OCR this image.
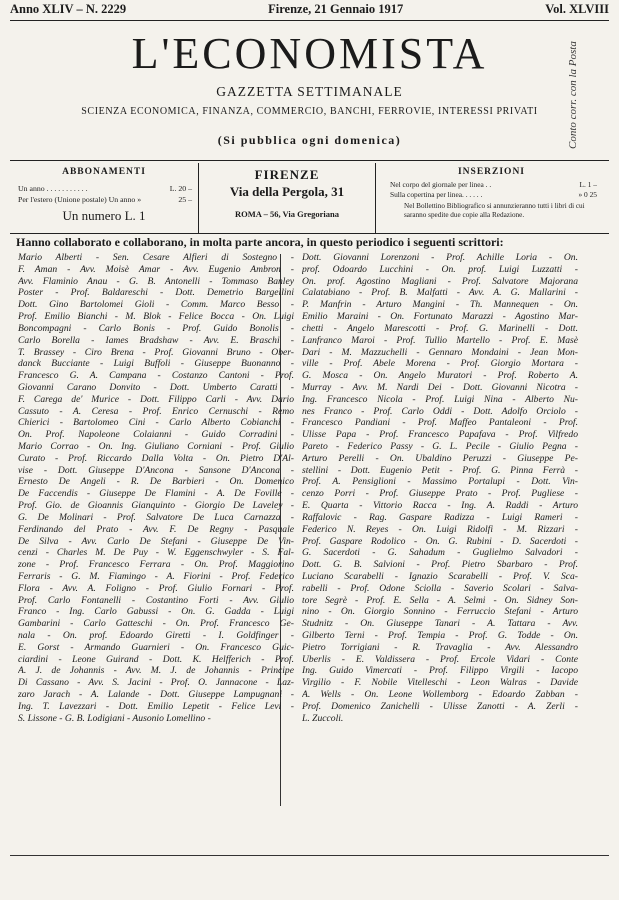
Anno XLIV – N. 2229	Firenze, 21 Gennaio 1917	Vol. XLVIII
L'ECONOMISTA
GAZZETTA SETTIMANALE
SCIENZA ECONOMICA, FINANZA, COMMERCIO, BANCHI, FERROVIE, INTERESSI PRIVATI
(Si pubblica ogni domenica)	Conto corr. con la Posta
ABBONAMENTI
Un anno . . . . . . . . . . .	L. 20 –
Per l'estero (Unione postale) Un anno »	25 –
Un numero L. 1
FIRENZE
Via della Pergola, 31
ROMA – 56, Via Gregoriana
INSERZIONI
Nel corpo del giornale per linea . .	L. 1 –
Sulla copertina per linea. . . . . .	» 0 25
Nel Bollettino Bibliografico si annunzieranno tutti i libri di cui saranno spedite due copie alla Redazione.
Hanno collaborato e collaborano, in molta parte ancora, in questo periodico i seguenti scrittori:
Mario Alberti - Sen. Cesare Alfieri di Sostegno -
F. Aman - Avv. Moisè Amar - Avv. Eugenio Ambron -
Avv. Flaminio Anau - G. B. Antonelli - Tommaso Banley
Poster - Prof. Baldareschi - Dott. Demetrio Bargellini
Dott. Gino Bartolomei Gioli - Comm. Marco Besso -
Prof. Emilio Bianchi - M. Blok - Felice Bocca - On. Luigi
Boncompagni - Carlo Bonis - Prof. Guido Bonolis -
Carlo Borella - Iames Bradshaw - Avv. E. Braschi -
T. Brassey - Ciro Brena - Prof. Giovanni Bruno - Ober-
danck Bucciante - Luigi Buffoli - Giuseppe Buonanno -
Francesco G. A. Campana - Costanzo Cantoni - Prof.
Giovanni Carano Donvito - Dott. Umberto Caratti -
F. Carega de' Murice - Dott. Filippo Carli - Avv. Dario
Cassuto - A. Ceresa - Prof. Enrico Cernuschi - Remo
Chierici - Bartolomeo Cini - Carlo Alberto Cobianchi -
On. Prof. Napoleone Colaianni - Guido Corradini -
Mario Corrao - On. Ing. Giuliano Corniani - Prof. Giulio
Curato - Prof. Riccardo Dalla Volta - On. Pietro D'Al-
vise - Dott. Giuseppe D'Ancona - Sansone D'Ancona -
Ernesto De Angeli - R. De Barbieri - On. Domenico
De Faccendis - Giuseppe De Flamini - A. De Foville -
Prof. Gio. de Gioannis Gianquinto - Giorgio De Laveley -
G. De Molinari - Prof. Salvatore De Luca Carnazza -
Ferdinando del Prato - Avv. F. De Regny - Pasquale
De Silva - Avv. Carlo De Stefani - Giuseppe De Vin-
cenzi - Charles M. De Puy - W. Eggenschwyler - S. Fal-
zone - Prof. Francesco Ferrara - On. Prof. Maggiorino
Ferraris - G. M. Fiamingo - A. Fiorini - Prof. Federico
Flora - Avv. A. Foligno - Prof. Giulio Fornari - Prof.
Prof. Carlo Fontanelli - Costantino Forti - Avv. Giulio
Franco - Ing. Carlo Gabussi - On. G. Gadda - Luigi
Gambarini - Carlo Gatteschi - On. Prof. Francesco Ge-
nala - On. prof. Edoardo Giretti - I. Goldfinger -
E. Gorst - Armando Guarnieri - On. Francesco Guic-
ciardini - Leone Guirand - Dott. K. Helfferich - Prof.
A. J. de Johannis - Avv. M. J. de Johannis - Principe
Di Cassano - Avv. S. Jacini - Prof. O. Jannacone - Laz-
zaro Jarach - A. Lalande - Dott. Giuseppe Lampugnani -
Ing. T. Lavezzari - Dott. Emilio Lepetit - Felice Levi -
S. Lissone - G. B. Lodigiani - Ausonio Lomellino -
Dott. Giovanni Lorenzoni - Prof. Achille Loria - On.
prof. Odoardo Lucchini - On. prof. Luigi Luzzatti -
On. prof. Agostino Magliani - Prof. Salvatore Majorana
Calatabiano - Prof. B. Malfatti - Avv. A. G. Mallarini -
P. Manfrin - Arturo Mangini - Th. Mannequen - On.
Emilio Maraini - On. Fortunato Marazzi - Agostino Mar-
chetti - Angelo Marescotti - Prof. G. Marinelli - Dott.
Lanfranco Maroi - Prof. Tullio Martello - Prof. E. Masè
Dari - M. Mazzuchelli - Gennaro Mondaini - Jean Mon-
ville - Prof. Abele Morena - Prof. Giorgio Mortara -
G. Mosca - On. Angelo Muratori - Prof. Roberto A.
Murray - Avv. M. Nardi Dei - Dott. Giovanni Nicotra -
Ing. Francesco Nicola - Prof. Luigi Nina - Alberto Nu-
nes Franco - Prof. Carlo Oddi - Dott. Adolfo Orciolo -
Francesco Pandiani - Prof. Maffeo Pantaleoni - Prof.
Ulisse Papa - Prof. Francesco Papafava - Prof. Vilfredo
Pareto - Federico Passy - G. L. Pecile - Giulio Pegna -
Arturo Perelli - On. Ubaldino Peruzzi - Giuseppe Pe-
stellini - Dott. Eugenio Petit - Prof. G. Pinna Ferrà -
Prof. A. Pensiglioni - Massimo Portalupi - Dott. Vin-
cenzo Porri - Prof. Giuseppe Prato - Prof. Pugliese -
E. Quarta - Vittorio Racca - Ing. A. Raddi - Arturo
Raffalovic - Rag. Gaspare Radizza - Luigi Rameri -
Federico N. Reyes - On. Luigi Ridolfi - M. Rizzari -
Prof. Gaspare Rodolico - On. G. Rubini - D. Sacerdoti -
G. Sacerdoti - G. Sahadum - Guglielmo Salvadori -
Dott. G. B. Salvioni - Prof. Pietro Sbarbaro - Prof.
Luciano Scarabelli - Ignazio Scarabelli - Prof. V. Sca-
rabelli - Prof. Odone Sciolla - Saverio Scolari - Salva-
tore Segrè - Prof. E. Sella - A. Selmi - On. Sidney Son-
nino - On. Giorgio Sonnino - Ferruccio Stefani - Arturo
Studnitz - On. Giuseppe Tanari - A. Tattara - Avv.
Gilberto Terni - Prof. Tempia - Prof. G. Todde - On.
Pietro Torrigiani - R. Travaglia - Avv. Alessandro
Uberlis - E. Valdissera - Prof. Ercole Vidari - Conte
Ing. Guido Vimercati - Prof. Filippo Virgili - Iacopo
Virgilio - F. Nobile Vitelleschi - Leon Walras - Davide
A. Wells - On. Leone Wollemborg - Edoardo Zabban -
Prof. Domenico Zanichelli - Ulisse Zanotti - A. Zerli -
L. Zuccoli.
